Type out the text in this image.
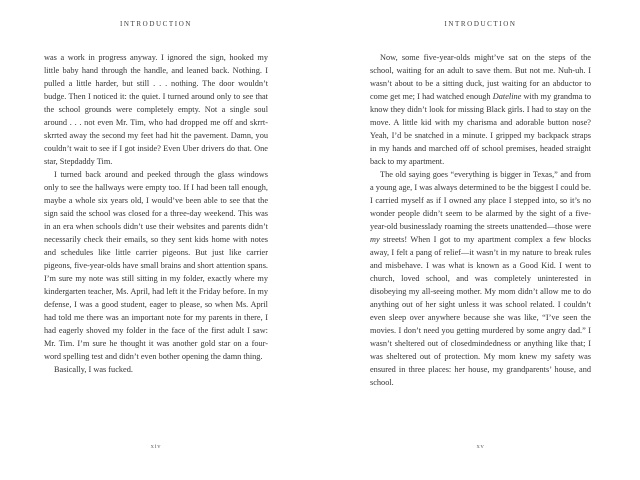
INTRODUCTION

was a work in progress anyway. I ignored the sign, hooked my little baby hand through the handle, and leaned back. Nothing. I pulled a little harder, but still . . . nothing. The door wouldn’t budge. Then I noticed it: the quiet. I turned around only to see that the school grounds were completely empty. Not a single soul around . . . not even Mr. Tim, who had dropped me off and skrrt-skrrted away the second my feet had hit the pavement. Damn, you couldn’t wait to see if I got inside? Even Uber drivers do that. One star, Stepdaddy Tim.

I turned back around and peeked through the glass windows only to see the hallways were empty too. If I had been tall enough, maybe a whole six years old, I would’ve been able to see that the sign said the school was closed for a three-day weekend. This was in an era when schools didn’t use their websites and parents didn’t necessarily check their emails, so they sent kids home with notes and schedules like little carrier pigeons. But just like carrier pigeons, five-year-olds have small brains and short attention spans. I’m sure my note was still sitting in my folder, exactly where my kindergarten teacher, Ms. April, had left it the Friday before. In my defense, I was a good student, eager to please, so when Ms. April had told me there was an important note for my parents in there, I had eagerly shoved my folder in the face of the first adult I saw: Mr. Tim. I’m sure he thought it was another gold star on a four-word spelling test and didn’t even bother opening the damn thing.

Basically, I was fucked.

xiv
INTRODUCTION

Now, some five-year-olds might’ve sat on the steps of the school, waiting for an adult to save them. But not me. Nuh-uh. I wasn’t about to be a sitting duck, just waiting for an abductor to come get me; I had watched enough Dateline with my grandma to know they didn’t look for missing Black girls. I had to stay on the move. A little kid with my charisma and adorable button nose? Yeah, I’d be snatched in a minute. I gripped my backpack straps in my hands and marched off of school premises, headed straight back to my apartment.

The old saying goes “everything is bigger in Texas,” and from a young age, I was always determined to be the biggest I could be. I carried myself as if I owned any place I stepped into, so it’s no wonder people didn’t seem to be alarmed by the sight of a five-year-old businesslady roaming the streets unattended—those were my streets! When I got to my apartment complex a few blocks away, I felt a pang of relief—it wasn’t in my nature to break rules and misbehave. I was what is known as a Good Kid. I went to church, loved school, and was completely uninterested in disobeying my all-seeing mother. My mom didn’t allow me to do anything out of her sight unless it was school related. I couldn’t even sleep over anywhere because she was like, “I’ve seen the movies. I don’t need you getting murdered by some angry dad.” I wasn’t sheltered out of closedmindedness or anything like that; I was sheltered out of protection. My mom knew my safety was ensured in three places: her house, my grandparents’ house, and school.

xv
